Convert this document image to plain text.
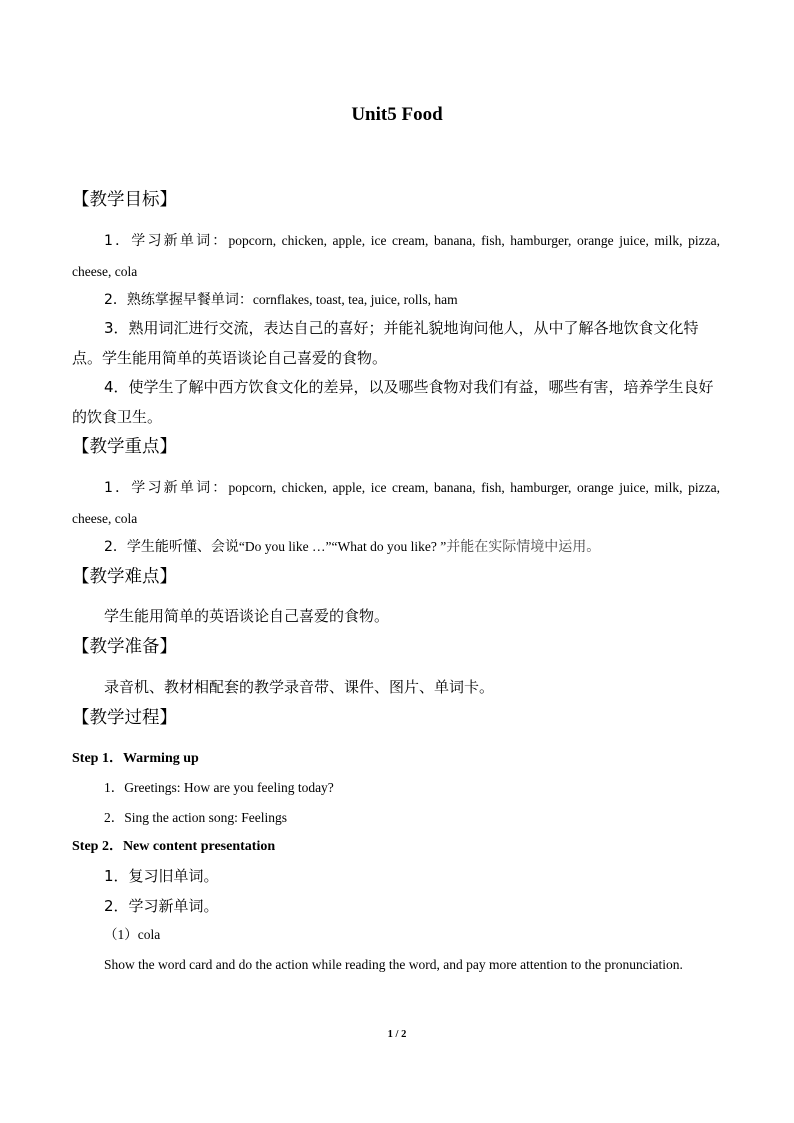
Unit5 Food
【教学目标】
1．学习新单词：popcorn, chicken, apple, ice cream, banana, fish, hamburger, orange juice, milk, pizza, cheese, cola
2．熟练掌握早餐单词：cornflakes, toast, tea, juice, rolls, ham
3．熟用词汇进行交流，表达自己的喜好；并能礼貌地询问他人，从中了解各地饮食文化特点。学生能用简单的英语谈论自己喜爱的食物。
4．使学生了解中西方饮食文化的差异，以及哪些食物对我们有益，哪些有害，培养学生良好的饮食卫生。
【教学重点】
1．学习新单词：popcorn, chicken, apple, ice cream, banana, fish, hamburger, orange juice, milk, pizza, cheese, cola
2．学生能听懂、会说“Do you like …”“What do you like? ”并能在实际情境中运用。
【教学难点】
学生能用简单的英语谈论自己喜爱的食物。
【教学准备】
录音机、教材相配套的教学录音带、课件、图片、单词卡。
【教学过程】
Step 1．Warming up
1．Greetings: How are you feeling today?
2．Sing the action song: Feelings
Step 2．New content presentation
1．复习旧单词。
2．学习新单词。
（1）cola
Show the word card and do the action while reading the word, and pay more attention to the pronunciation.
1 / 2
